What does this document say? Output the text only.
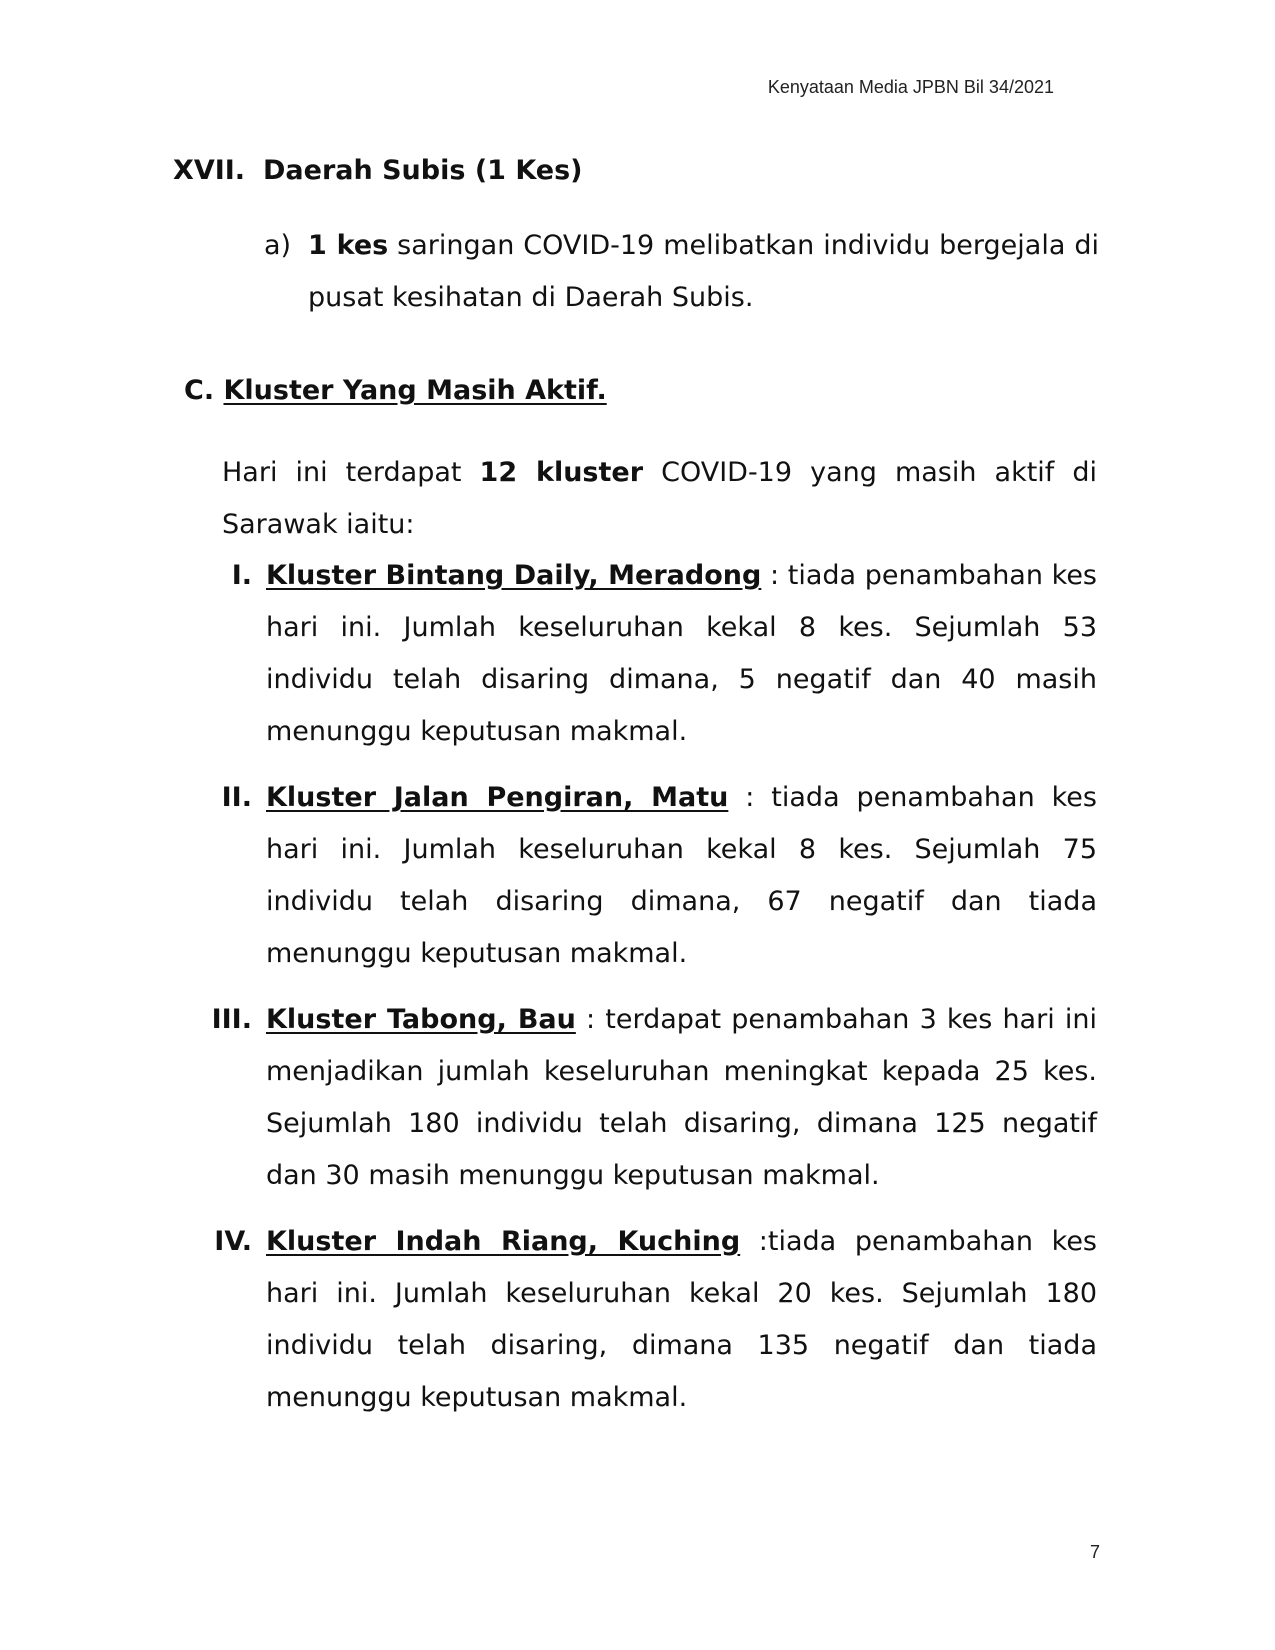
Kenyataan Media JPBN Bil 34/2021
XVII. Daerah Subis (1 Kes)
a) 1 kes saringan COVID-19 melibatkan individu bergejala di pusat kesihatan di Daerah Subis.
C. Kluster Yang Masih Aktif.
Hari ini terdapat 12 kluster COVID-19 yang masih aktif di Sarawak iaitu:
I. Kluster Bintang Daily, Meradong : tiada penambahan kes hari ini. Jumlah keseluruhan kekal 8 kes. Sejumlah 53 individu telah disaring dimana, 5 negatif dan 40 masih menunggu keputusan makmal.
II. Kluster Jalan Pengiran, Matu : tiada penambahan kes hari ini. Jumlah keseluruhan kekal 8 kes. Sejumlah 75 individu telah disaring dimana, 67 negatif dan tiada menunggu keputusan makmal.
III. Kluster Tabong, Bau : terdapat penambahan 3 kes hari ini menjadikan jumlah keseluruhan meningkat kepada 25 kes. Sejumlah 180 individu telah disaring, dimana 125 negatif dan 30 masih menunggu keputusan makmal.
IV. Kluster Indah Riang, Kuching :tiada penambahan kes hari ini. Jumlah keseluruhan kekal 20 kes. Sejumlah 180 individu telah disaring, dimana 135 negatif dan tiada menunggu keputusan makmal.
7
